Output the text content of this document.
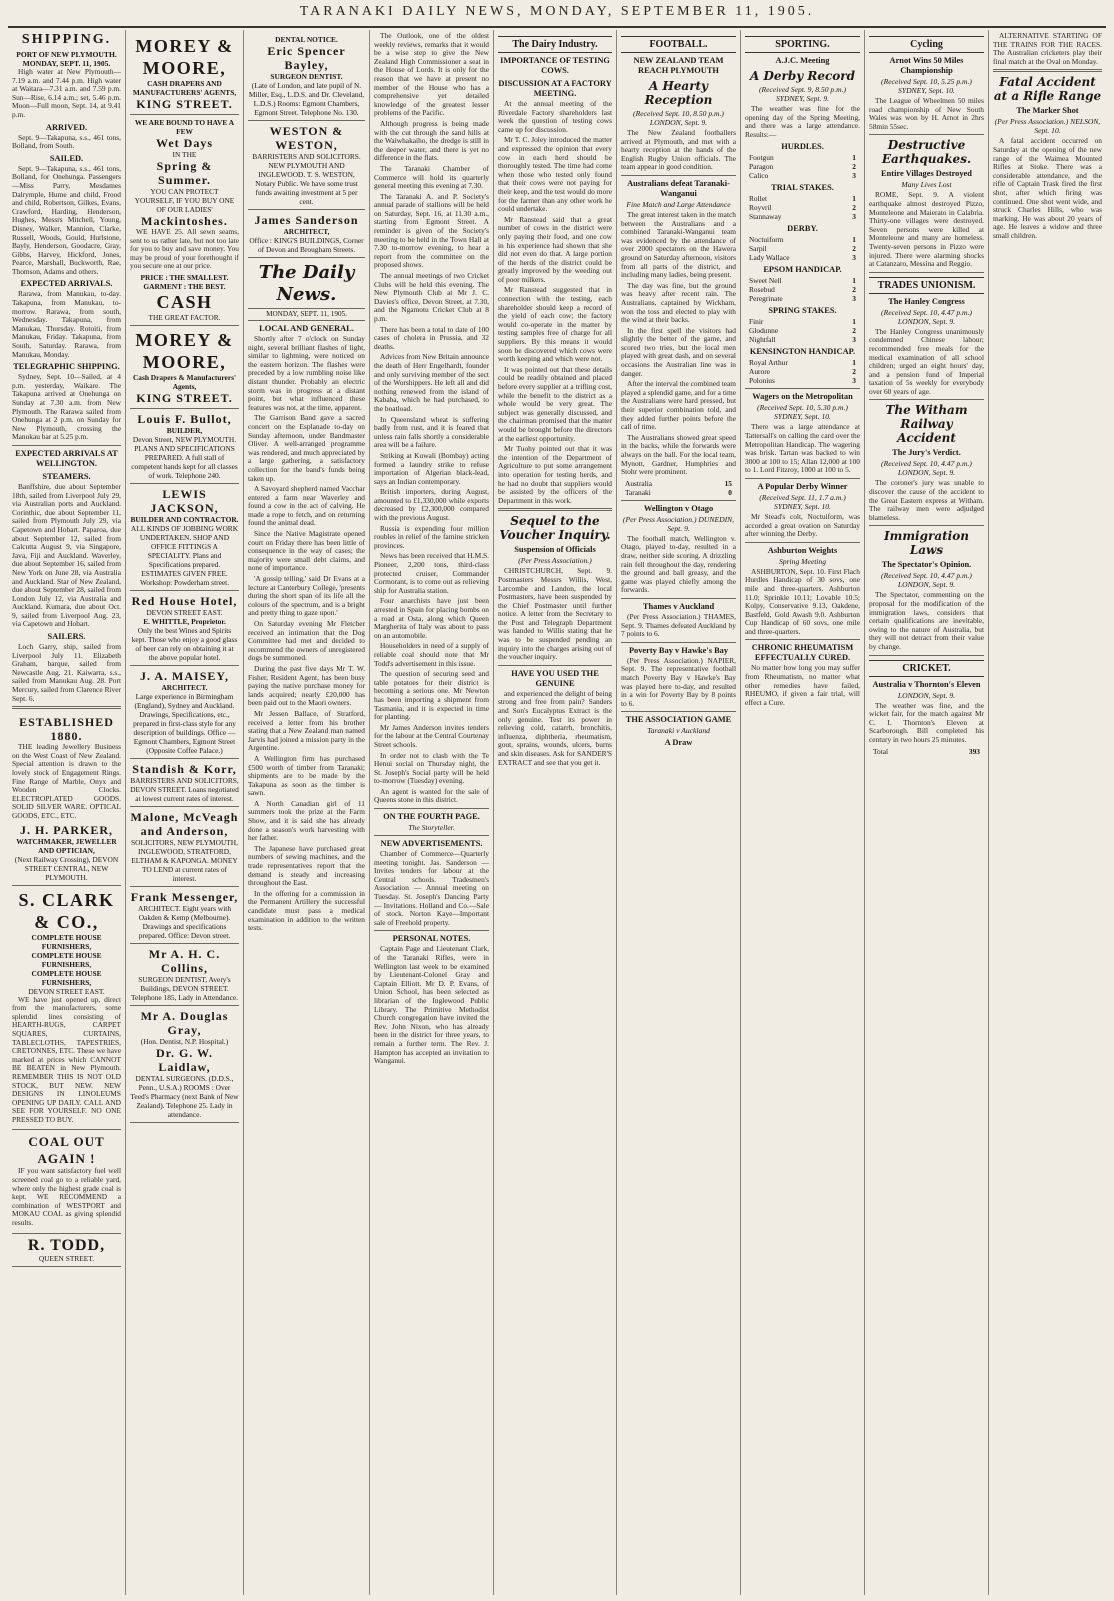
TARANAKI DAILY NEWS, MONDAY, SEPTEMBER 11, 1905.
SHIPPING.
PORT OF NEW PLYMOUTH.
MONDAY, SEPT. 11, 1905.
High water at New Plymouth—7.19 a.m. and 7.44 p.m. High water at Waitara—7.31 a.m. and 7.59 p.m. Sun—Rise, 6.14 a.m.; set, 5.46 p.m. Moon—Full moon, Sept. 14, at 9.41 p.m.
ARRIVED.
Sept. 9—Takapuna, s.s., 461 tons, Bolland, from South.
SAILED.
Sept. 9—Takapuna, s.s., 461 tons, Bolland, for Onehunga. Passengers—Miss Parry, Mesdames Dalrymple, Hume and child, Frood and child, Robertson, Gilkes, Evans, Crawford, Harding, Henderson, Hughes, Messrs Mitchell, Young, Disney, Walker, Mannion, Clarke, Russell, Woods, Gould, Hurlstone, Bayly, Henderson, Goodacre, Gray, Gibbs, Harvey, Hickford, Jones, Pearce, Marshall, Buckworth, Rae, Thomson, Adams and others.
EXPECTED ARRIVALS.
Rarawa, from Manukau, to-day. Takapuna, from Manukau, to-morrow. Rarawa, from south, Wednesday. Takapuna, from Manukau, Thursday. Rotoiti, from Manukau, Friday. Takapuna, from South, Saturday. Rarawa, from Manukau, Monday.
TELEGRAPHIC SHIPPING.
Sydney, Sept. 10—Sailed, at 4 p.m. yesterday, Waikare. The Takapuna arrived at Onehunga on Sunday at 7.30 a.m. from New Plymouth. The Rarawa sailed from Onehunga at 2 p.m. on Sunday for New Plymouth, crossing the Manukau bar at 5.25 p.m.
EXPECTED ARRIVALS AT WELLINGTON.
STEAMERS.
Banffshire, due about September 18th, sailed from Liverpool July 29, via Australian ports and Auckland. Corinthic, due about September 11, sailed from Plymouth July 29, via Capetown and Hobart. Paparoa, due about September 12, sailed from Calcutta August 9, via Singapore, Java, Fiji and Auckland. Waverley, due about September 16, sailed from New York on June 28, via Australia and Auckland. Star of New Zealand, due about September 28, sailed from London July 12, via Australia and Auckland. Kumara, due about Oct. 9, sailed from Liverpool Aug. 23, via Capetown and Hobart.
SAILERS.
Loch Garry, ship, sailed from Liverpool July 11. Elizabeth Graham, barque, sailed from Newcastle Aug. 21. Kaiwarra, s.s., sailed from Manukau Aug. 28. Port Mercury, sailed from Clarence River Sept. 6.
ESTABLISHED 1880.
THE leading Jewellery Business on the West Coast of New Zealand. Special attention is drawn to the lovely stock of Engagement Rings. Fine Range of Marble, Onyx and Wooden Clocks. ELECTROPLATED GOODS. SOLID SILVER WARE. OPTICAL GOODS, ETC., ETC.
J. H. PARKER,
WATCHMAKER, JEWELLER AND OPTICIAN,
(Next Railway Crossing), DEVON STREET CENTRAL, NEW PLYMOUTH.
S. CLARK & CO.,
COMPLETE HOUSE FURNISHERS,
COMPLETE HOUSE FURNISHERS,
COMPLETE HOUSE FURNISHERS,
DEVON STREET EAST.
WE have just opened up, direct from the manufacturers, some splendid lines consisting of HEARTH-RUGS, CARPET SQUARES, CURTAINS, TABLECLOTHS, TAPESTRIES, CRETONNES, ETC. These we have marked at prices which CANNOT BE BEATEN in New Plymouth. REMEMBER THIS IS NOT OLD STOCK, BUT NEW. NEW DESIGNS IN LINOLEUMS OPENING UP DAILY. CALL AND SEE FOR YOURSELF. NO ONE PRESSED TO BUY.
COAL OUT AGAIN !
IF you want satisfactory fuel well screened coal go to a reliable yard, where only the highest grade coal is kept. WE RECOMMEND a combination of WESTPORT and MOKAU COAL as giving splendid results.
R. TODD,
QUEEN STREET.
MOREY & MOORE,
CASH DRAPERS AND MANUFACTURERS' AGENTS,
KING STREET.
WE ARE BOUND TO HAVE A FEW
Wet Days
IN THE
Spring & Summer.
YOU CAN PROTECT YOURSELF, IF YOU BUY ONE OF OUR LADIES'
Mackintoshes.
WE HAVE 25. All sewn seams, sent to us rather late, but not too late for you to buy and save money. You may be proud of your forethought if you secure one at our price.
PRICE : THE SMALLEST.
GARMENT : THE BEST.
CASH
THE GREAT FACTOR.
MOREY & MOORE,
Cash Drapers & Manufacturers' Agents,
KING STREET.
Louis F. Bullot,
BUILDER,
Devon Street, NEW PLYMOUTH. PLANS AND SPECIFICATIONS PREPARED. A full stall of competent hands kept for all classes of work. Telephone 240.
LEWIS JACKSON,
BUILDER AND CONTRACTOR.
ALL KINDS OF JOBBING WORK UNDERTAKEN. SHOP AND OFFICE FITTINGS A SPECIALITY. Plans and Specifications prepared. ESTIMATES GIVEN FREE. Workshop: Powderham street.
Red House Hotel,
DEVON STREET EAST.
E. WHITTLE, Proprietor.
Only the best Wines and Spirits kept. Those who enjoy a good glass of beer can rely on obtaining it at the above popular hotel.
J. A. MAISEY,
ARCHITECT.
Large experience in Birmingham (England), Sydney and Auckland. Drawings, Specifications, etc., prepared in first-class style for any description of buildings. Office — Egmont Chambers, Egmont Street (Opposite Coffee Palace.)
Standish & Korr,
BARRISTERS AND SOLICITORS, DEVON STREET. Loans negotiated at lowest current rates of interest.
Malone, McVeagh and Anderson,
SOLICITORS, NEW PLYMOUTH, INGLEWOOD, STRATFORD, ELTHAM & KAPONGA. MONEY TO LEND at current rates of interest.
Frank Messenger,
ARCHITECT. Eight years with Oakden & Kemp (Melbourne). Drawings and specifications prepared. Office: Devon street.
Mr A. H. C. Collins,
SURGEON DENTIST, Avery's Buildings, DEVON STREET. Telephone 185, Lady in Attendance.
Mr A. Douglas Gray,
(Hon. Dentist, N.P. Hospital.)
Dr. G. W. Laidlaw,
DENTAL SURGEONS. (D.D.S., Penn., U.S.A.) ROOMS : Over Teed's Pharmacy (next Bank of New Zealand). Telephone 25. Lady in attendance.
DENTAL NOTICE.
Eric Spencer Bayley,
SURGEON DENTIST.
(Late of London, and late pupil of N. Miller, Esq., L.D.S. and Dr. Cleveland, L.D.S.) Rooms: Egmont Chambers, Egmont Street. Telephone No. 130.
WESTON & WESTON,
BARRISTERS AND SOLICITORS. NEW PLYMOUTH AND INGLEWOOD. T. S. WESTON, Notary Public. We have some trust funds awaiting investment at 5 per cent.
James Sanderson
ARCHITECT,
Office : KING'S BUILDINGS, Corner of Devon and Brougham Streets.
The Daily News.
MONDAY, SEPT. 11, 1905.
LOCAL AND GENERAL.
Shortly after 7 o'clock on Sunday night, several brilliant flashes of light, similar to lightning, were noticed on the eastern horizon. The flashes were preceded by a low rumbling noise like distant thunder. Probably an electric storm was in progress at a distant point, but what influenced these features was not, at the time, apparent.
The Garrison Band gave a sacred concert on the Esplanade to-day on Sunday afternoon, under Bandmaster Oliver. A well-arranged programme was rendered, and much appreciated by a large gathering, a satisfactory collection for the band's funds being taken up.
A Savoyard shepherd named Vacchar entered a farm near Waverley and found a cow in the act of calving. He made a rope to fetch, and on returning found the animal dead.
Since the Native Magistrate opened court on Friday there has been little of consequence in the way of cases; the majority were small debt claims, and none of importance.
'A gossip telling,' said Dr Evans at a lecture at Canterbury College, 'presents during the short span of its life all the colours of the spectrum, and is a bright and pretty thing to gaze upon.'
On Saturday evening Mr Fletcher received an intimation that the Dog Committee had met and decided to recommend the owners of unregistered dogs be summoned.
During the past five days Mr T. W. Fisher, Resident Agent, has been busy paying the native purchase money for lands acquired; nearly £20,000 has been paid out to the Maori owners.
Mr Jessen Ballace, of Stratford, received a letter from his brother stating that a New Zealand man named Jarvis had joined a mission party in the Argentine.
A Wellington firm has purchased £500 worth of timber from Taranaki; shipments are to be made by the Takapuna as soon as the timber is sawn.
A North Canadian girl of 11 summers took the prize at the Farm Show, and it is said she has already done a season's work harvesting with her father.
The Japanese have purchased great numbers of sewing machines, and the trade representatives report that the demand is steady and increasing throughout the East.
In the offering for a commission in the Permanent Artillery the successful candidate must pass a medical examination in addition to the written tests.
The Outlook, one of the oldest weekly reviews, remarks that it would be a wise step to give the New Zealand High Commissioner a seat in the House of Lords. It is only for the reason that we have at present no member of the House who has a comprehensive yet detailed knowledge of the greatest lesser problems of the Pacific.
Although progress is being made with the cut through the sand hills at the Waiwhakaiho, the dredge is still in the deeper water, and there is yet no difference in the flats.
The Taranaki Chamber of Commerce will hold its quarterly general meeting this evening at 7.30.
The Taranaki A. and P. Society's annual parade of stallions will be held on Saturday, Sept. 16, at 11.30 a.m., starting from Egmont Street. A reminder is given of the Society's meeting to be held in the Town Hall at 7.30 to-morrow evening, to hear a report from the committee on the proposed shows.
The annual meetings of two Cricket Clubs will be held this evening. The New Plymouth Club at Mr J. C. Davies's office, Devon Street, at 7.30, and the Ngamotu Cricket Club at 8 p.m.
There has been a total to date of 100 cases of cholera in Prussia, and 32 deaths.
Advices from New Britain announce the death of Herr Engelhardt, founder and only surviving member of the sect of the Worshippers. He left all and did nothing renewed from the island of Kababa, which he had purchased, to the boatload.
In Queensland wheat is suffering badly from rust, and it is feared that unless rain falls shortly a considerable area will be a failure.
Striking at Kuwali (Bombay) acting formed a laundry strike to refuse importation of Algerian black-lead, says an Indian contemporary.
British importers, during August, amounted to £1,330,000 while exports decreased by £2,300,000 compared with the previous August.
Russia is expending four million roubles in relief of the famine stricken provinces.
News has been received that H.M.S. Pioneer, 2,200 tons, third-class protected cruiser, Commander Cormorant, is to come out as relieving ship for Australia station.
Four anarchists have just been arrested in Spain for placing bombs on a road at Osta, along which Queen Margherita of Italy was about to pass on an automobile.
Householders in need of a supply of reliable coal should note that Mr Todd's advertisement in this issue.
The question of securing seed and table potatoes for their district is becoming a serious one. Mr Newton has been importing a shipment from Tasmania, and it is expected in time for planting.
Mr James Anderson invites tenders for the labour at the Central Courtenay Street schools.
In order not to clash with the Te Henui social on Thursday night, the St. Joseph's Social party will be held to-morrow (Tuesday) evening.
An agent is wanted for the sale of Queens stone in this district.
ON THE FOURTH PAGE.
The Storyteller.
NEW ADVERTISEMENTS.
Chamber of Commerce—Quarterly meeting tonight. Jas. Sanderson — Invites tenders for labour at the Central schools. Tradesmen's Association — Annual meeting on Tuesday. St. Joseph's Dancing Party — Invitations. Holland and Co.—Sale of stock. Norton Kaye—Important sale of Freehold property.
PERSONAL NOTES.
Captain Page and Lieutenant Clark, of the Taranaki Rifles, were in Wellington last week to be examined by Lieutenant-Colonel Gray and Captain Elliott. Mr D. P. Evans, of Union School, has been selected as librarian of the Inglewood Public Library. The Primitive Methodist Church congregation have invited the Rev. John Nixon, who has already been in the district for three years, to remain a further term. The Rev. J. Hampton has accepted an invitation to Wanganui.
The Dairy Industry.
IMPORTANCE OF TESTING COWS.
DISCUSSION AT A FACTORY MEETING.
At the annual meeting of the Riverdale Factory shareholders last week the question of testing cows came up for discussion.
Mr T. C. Joley introduced the matter and expressed the opinion that every cow in each herd should be thoroughly tested. The time had come when those who tested only found that their cows were not paying for their keep, and the test would do more for the farmer than any other work he could undertake.
Mr Ranstead said that a great number of cows in the district were only paying their food, and one cow in his experience had shown that she did not even do that. A large portion of the herds of the district could be greatly improved by the weeding out of poor milkers.
Mr Ranstead suggested that in connection with the testing, each shareholder should keep a record of the yield of each cow; the factory would co-operate in the matter by testing samples free of charge for all suppliers. By this means it would soon be discovered which cows were worth keeping and which were not.
It was pointed out that these details could be readily obtained and placed before every supplier at a trifling cost, while the benefit to the district as a whole would be very great. The subject was generally discussed, and the chairman promised that the matter would be brought before the directors at the earliest opportunity.
Mr Tuohy pointed out that it was the intention of the Department of Agriculture to put some arrangement into operation for testing herds, and he had no doubt that suppliers would be assisted by the officers of the Department in this work.
Sequel to the Voucher Inquiry.
Suspension of Officials
(Per Press Association.)
CHRISTCHURCH, Sept. 9. Postmasters Messrs Willis, West, Larcombe and Landon, the local Postmasters, have been suspended by the Chief Postmaster until further notice. A letter from the Secretary to the Post and Telegraph Department was handed to Willis stating that he was to be suspended pending an inquiry into the charges arising out of the voucher inquiry.
HAVE YOU USED THE GENUINE
and experienced the delight of being strong and free from pain? Sanders and Son's Eucalyptus Extract is the only genuine. Test its power in relieving cold, catarrh, bronchitis, influenza, diphtheria, rheumatism, gout, sprains, wounds, ulcers, burns and skin diseases. Ask for SANDER'S EXTRACT and see that you get it.
FOOTBALL.
NEW ZEALAND TEAM REACH PLYMOUTH
A Hearty Reception
(Received Sept. 10, 8.50 p.m.) LONDON, Sept. 9.
The New Zealand footballers arrived at Plymouth, and met with a hearty reception at the hands of the English Rugby Union officials. The team appear in good condition.
Australians defeat Taranaki-Wanganui
Fine Match and Large Attendance
The great interest taken in the match between the Australians and a combined Taranaki-Wanganui team was evidenced by the attendance of over 2000 spectators on the Hawera ground on Saturday afternoon, visitors from all parts of the district, and including many ladies, being present.
The day was fine, but the ground was heavy after recent rain. The Australians, captained by Wickham, won the toss and elected to play with the wind at their backs.
In the first spell the visitors had slightly the better of the game, and scored two tries, but the local men played with great dash, and on several occasions the Australian line was in danger.
After the interval the combined team played a splendid game, and for a time the Australians were hard pressed, but their superior combination told, and they added further points before the call of time.
The Australians showed great speed in the backs, while the forwards were always on the ball. For the local team, Mynott, Gardner, Humphries and Stohr were prominent.
Australia	15
Taranaki	0
Wellington v Otago
(Per Press Association.) DUNEDIN, Sept. 9.
The football match, Wellington v. Otago, played to-day, resulted in a draw, neither side scoring. A drizzling rain fell throughout the day, rendering the ground and ball greasy, and the game was played chiefly among the forwards.
Thames v Auckland
(Per Press Association.) THAMES, Sept. 9. Thames defeated Auckland by 7 points to 6.
Poverty Bay v Hawke's Bay
(Per Press Association.) NAPIER, Sept. 9. The representative football match Poverty Bay v Hawke's Bay was played here to-day, and resulted in a win for Poverty Bay by 8 points to 6.
THE ASSOCIATION GAME
Taranaki v Auckland
A Draw
SPORTING.
A.J.C. Meeting
A Derby Record
(Received Sept. 9, 8.50 p.m.) SYDNEY, Sept. 9.
The weather was fine for the opening day of the Spring Meeting, and there was a large attendance. Results:—
HURDLES.
Footgun	1
Paragon	2
Calico	3
TRIAL STAKES.
Rollet	1
Royvril	2
Stannaway	3
DERBY.
Noctuiform	1
Sarpil	2
Lady Wallace	3
EPSOM HANDICAP.
Sweet Nell	1
Rosebud	2
Peregrinate	3
SPRING STAKES.
Finir	1
Glodunne	2
Nightfall	3
KENSINGTON HANDICAP.
Royal Arthur	1
Aurore	2
Polonius	3
Wagers on the Metropolitan
(Received Sept. 10, 5.30 p.m.) SYDNEY, Sept. 10.
There was a large attendance at Tattersall's on calling the card over the Metropolitan Handicap. The wagering was brisk. Tartan was backed to win 3000 at 100 to 15; Allan 12,000 at 100 to 1. Lord Fitzroy, 1000 at 100 to 5.
A Popular Derby Winner
(Received Sept. 11, 1.7 a.m.) SYDNEY, Sept. 10.
Mr Stead's colt, Noctuiform, was accorded a great ovation on Saturday after winning the Derby.
Ashburton Weights
Spring Meeting
ASHBURTON, Sept. 10. First Flach Hurdles Handicap of 30 sovs, one mile and three-quarters. Ashburton 11.0; Sprinkle 10.11; Lovable 10.5; Kolpy, Conservative 9.13, Oakdene, Bastfeld, Gold Awash 9.0. Ashburton Cup Handicap of 60 sovs, one mile and three-quarters.
CHRONIC RHEUMATISM EFFECTUALLY CURED.
No matter how long you may suffer from Rheumatism, no matter what other remedies have failed, RHEUMO, if given a fair trial, will effect a Cure.
Cycling
Arnot Wins 50 Miles Championship
(Received Sept. 10, 5.25 p.m.) SYDNEY, Sept. 10.
The League of Wheelmen 50 miles road championship of New South Wales was won by H. Arnot in 2hrs 58min 55sec.
Destructive Earthquakes.
Entire Villages Destroyed
Many Lives Lost
ROME, Sept. 9. A violent earthquake almost destroyed Pizzo, Monteleone and Maierato in Calabria. Thirty-one villages were destroyed. Seven persons were killed at Monteleone and many are homeless. Twenty-seven persons in Pizzo were injured. There were alarming shocks at Catanzaro, Messina and Reggio.
TRADES UNIONISM.
The Hanley Congress
(Received Sept. 10, 4.47 p.m.) LONDON, Sept. 9.
The Hanley Congress unanimously condemned Chinese labour; recommended free meals for the medical examination of all school children; urged an eight hours' day, and a pension fund of Imperial taxation of 5s weekly for everybody over 60 years of age.
The Witham Railway Accident
The Jury's Verdict.
(Received Sept. 10, 4.47 p.m.) LONDON, Sept. 9.
The coroner's jury was unable to discover the cause of the accident to the Great Eastern express at Witham. The railway men were adjudged blameless.
Immigration Laws
The Spectator's Opinion.
(Received Sept. 10, 4.47 p.m.) LONDON, Sept. 9.
The Spectator, commenting on the proposal for the modification of the immigration laws, considers that certain qualifications are inevitable, owing to the nature of Australia, but they will not detract from their value by change.
CRICKET.
Australia v Thornton's Eleven
LONDON, Sept. 9.
The weather was fine, and the wicket fair, for the match against Mr C. I. Thornton's Eleven at Scarborough. Bill completed his century in two hours 25 minutes.
Total	393
ALTERNATIVE STARTING OF THE TRAINS FOR THE RACES. The Australian cricketers play their final match at the Oval on Monday.
Fatal Accident at a Rifle Range
The Marker Shot
(Per Press Association.) NELSON, Sept. 10.
A fatal accident occurred on Saturday at the opening of the new range of the Waimea Mounted Rifles at Stoke. There was a considerable attendance, and the rifle of Captain Trask fired the first shot, after which firing was continued. One shot went wide, and struck Charles Hills, who was marking. He was about 20 years of age. He leaves a widow and three small children.
